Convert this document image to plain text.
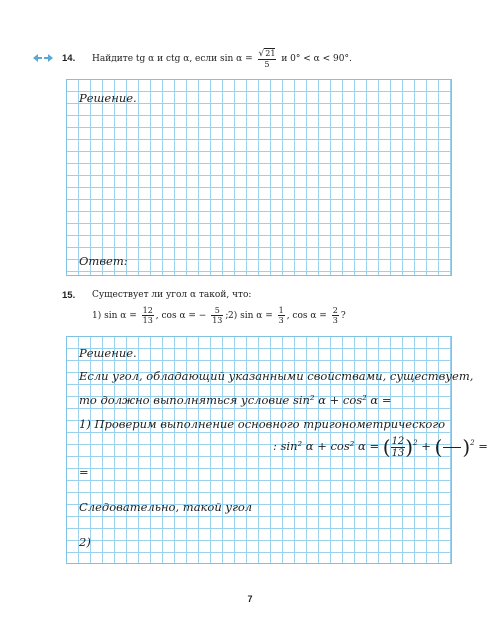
14. Найдите tg α и ctg α, если $\sin \alpha = \frac{√21}{5}$ и 0° < α < 90°.
Решение.
Ответ:
15. Существует ли угол α такой, что:
1) $\sin \alpha = \frac{12}{13}$ , cos α = − $\frac{5}{13}$ ; 2) $\sin \alpha = \frac{1}{3}$ , $\cos \alpha = \frac{2}{3}$ ?
Решение.
Если угол, обладающий указанными свойствами, существует,
то должно выполняться условие sin² α + cos² α =
1) Проверим выполнение основного тригонометрического
: sin² α + cos² α = ( $\frac{12}{13} )^2$ + ( )$^2$ =
=
Следовательно, такой угол
2)
7
